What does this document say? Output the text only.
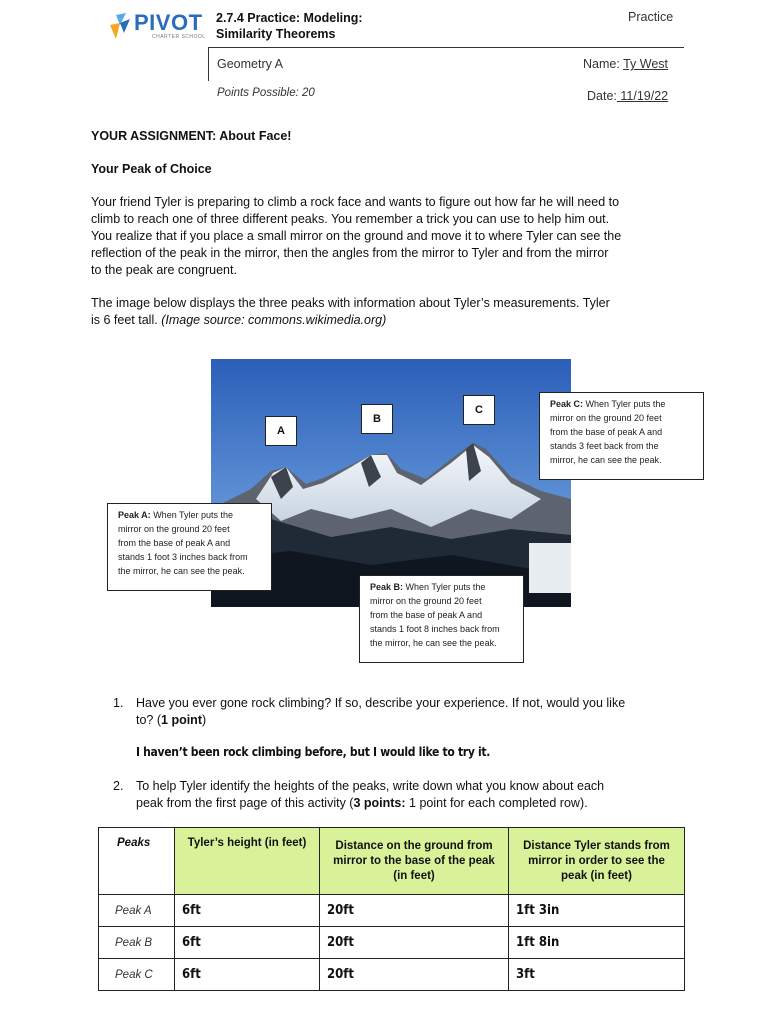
PIVOT
CHARTER SCHOOL
2.7.4 Practice: Modeling:
Similarity Theorems
Practice
Geometry A	Name: Ty West
Points Possible: 20	Date: 11/19/22
YOUR ASSIGNMENT: About Face!
Your Peak of Choice
Your friend Tyler is preparing to climb a rock face and wants to figure out how far he will need to
climb to reach one of three different peaks. You remember a trick you can use to help him out.
You realize that if you place a small mirror on the ground and move it to where Tyler can see the
reflection of the peak in the mirror, then the angles from the mirror to Tyler and from the mirror
to the peak are congruent.
The image below displays the three peaks with information about Tyler’s measurements. Tyler
is 6 feet tall. (Image source: commons.wikimedia.org)
A
B
C	Peak C: When Tyler puts the
mirror on the ground 20 feet
from the base of peak A and
stands 3 feet back from the
mirror, he can see the peak.
Peak A: When Tyler puts the
mirror on the ground 20 feet
from the base of peak A and
stands 1 foot 3 inches back from
the mirror, he can see the peak.
Peak B: When Tyler puts the
mirror on the ground 20 feet
from the base of peak A and
stands 1 foot 8 inches back from
the mirror, he can see the peak.
1. Have you ever gone rock climbing? If so, describe your experience. If not, would you like
to? (1 point)
I haven’t been rock climbing before, but I would like to try it.
2. To help Tyler identify the heights of the peaks, write down what you know about each
peak from the first page of this activity (3 points: 1 point for each completed row).
Peaks	Tyler’s height (in feet)	Distance on the ground from mirror to the base of the peak (in feet)	Distance Tyler stands from mirror in order to see the peak (in feet)
Peak A	6ft	20ft	1ft 3in
Peak B	6ft	20ft	1ft 8in
Peak C	6ft	20ft	3ft
